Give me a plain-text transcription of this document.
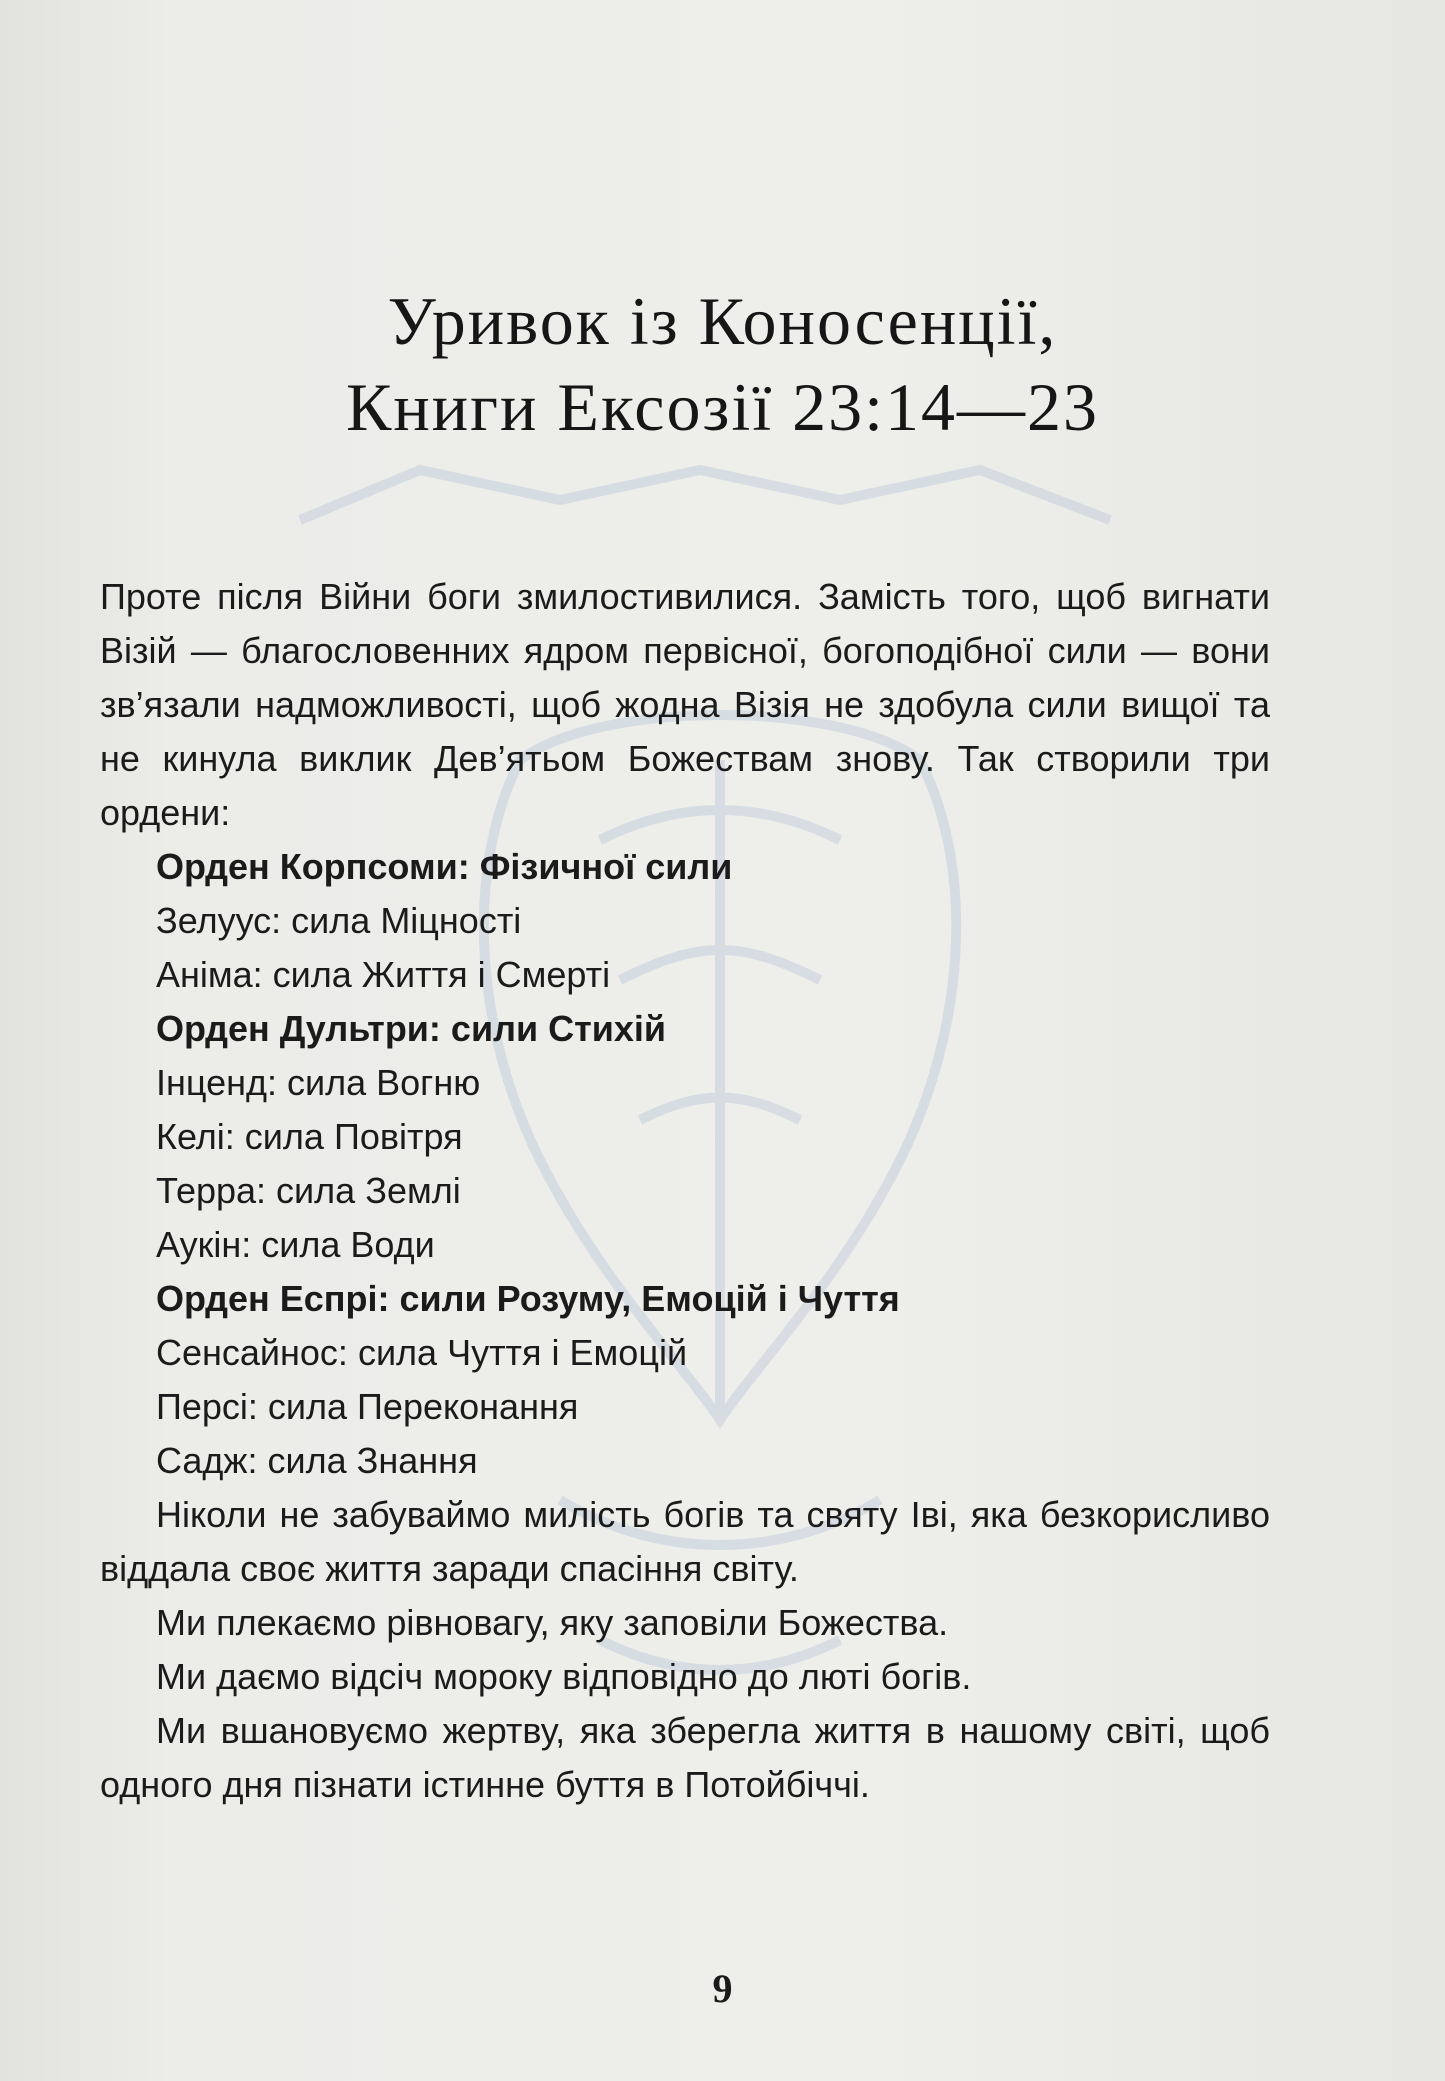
Уривок із Коносенції,
Книги Ексозії 23:14—23

Проте після Війни боги змилостивилися. Замість того, щоб вигнати Візій — благословенних ядром первісної, богоподібної сили — вони зв’язали надможливості, щоб жодна Візія не здобула сили вищої та не кинула виклик Дев’ятьом Божествам знову. Так створили три ордени:

Орден Корпсоми: Фізичної сили

Зелуус: сила Міцності

Аніма: сила Життя і Смерті

Орден Дультри: сили Стихій

Інценд: сила Вогню

Келі: сила Повітря

Терра: сила Землі

Аукін: сила Води

Орден Еспрі: сили Розуму, Емоцій і Чуття

Сенсайнос: сила Чуття і Емоцій

Персі: сила Переконання

Садж: сила Знання

Ніколи не забуваймо милість богів та святу Іві, яка безкорисливо віддала своє життя заради спасіння світу.

Ми плекаємо рівновагу, яку заповіли Божества.

Ми даємо відсіч мороку відповідно до люті богів.

Ми вшановуємо жертву, яка зберегла життя в нашому світі, щоб одного дня пізнати істинне буття в Потойбіччі.

9
